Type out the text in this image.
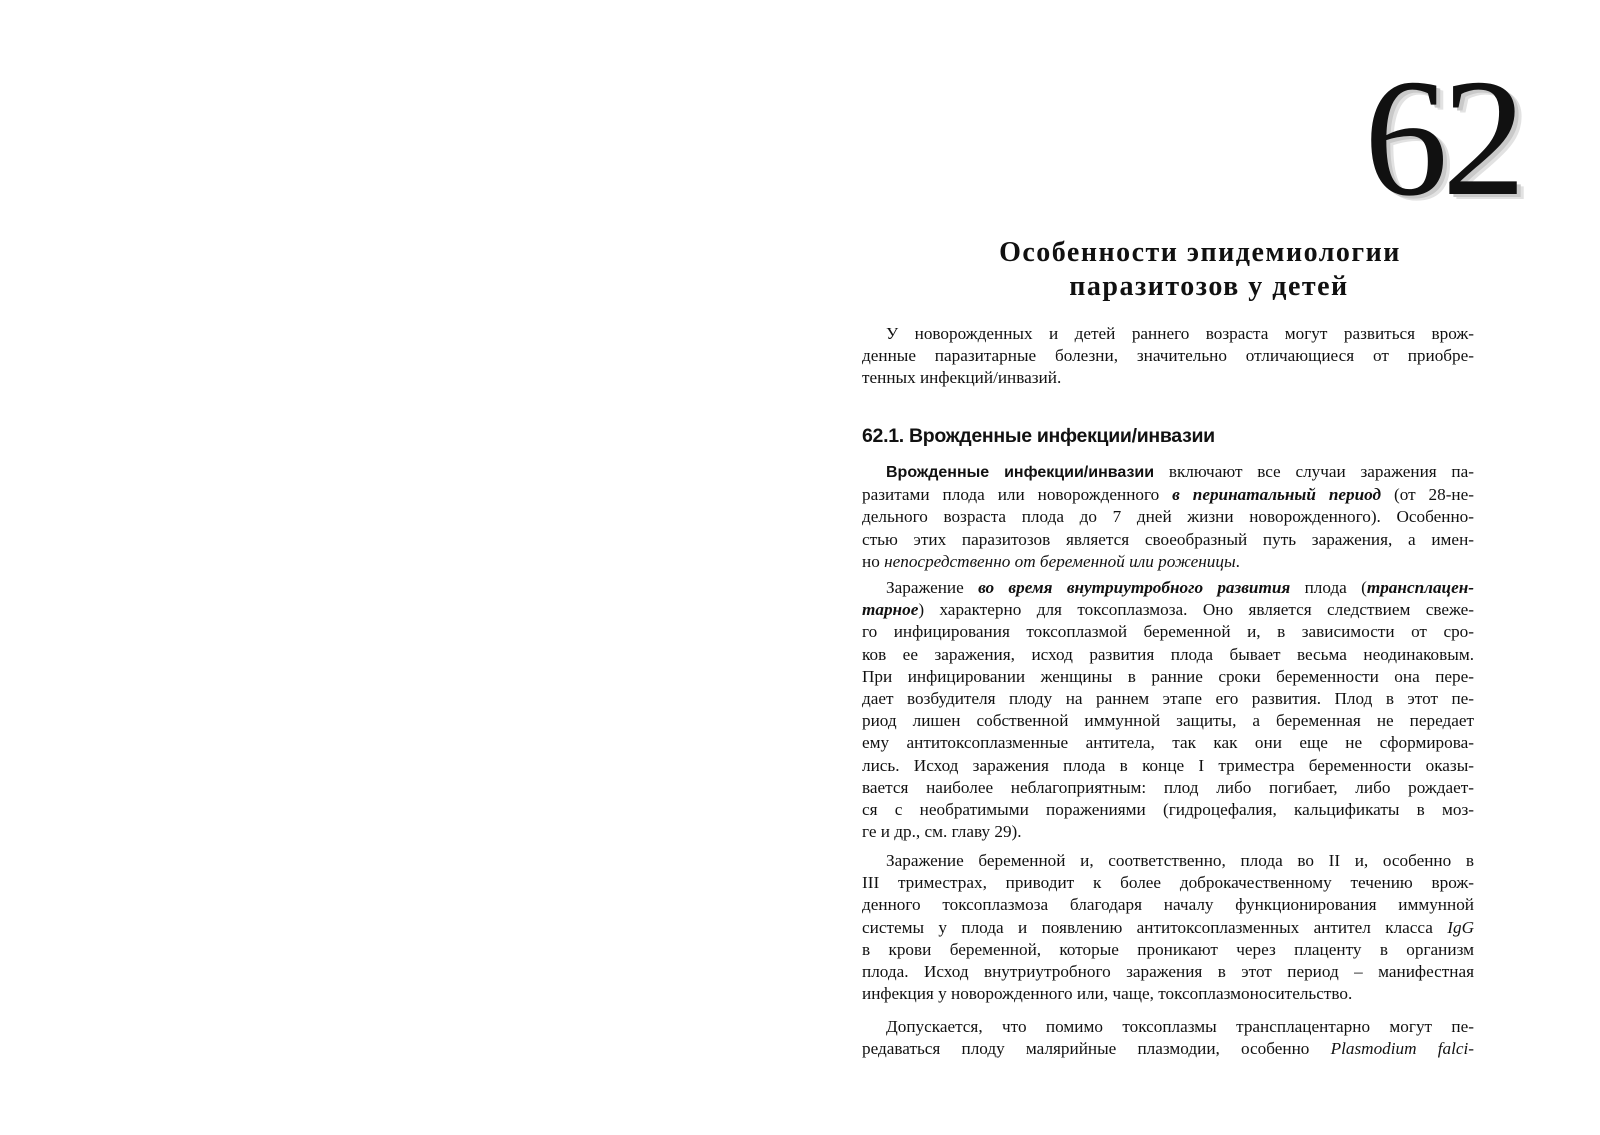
62
Особенности эпидемиологии
паразитозов у детей
У новорожденных и детей раннего возраста могут развиться врож-
денные паразитарные болезни, значительно отличающиеся от приобре-
тенных инфекций/инвазий.
62.1. Врожденные инфекции/инвазии
Врожденные инфекции/инвазии включают все случаи заражения па-
разитами плода или новорожденного в перинатальный период (от 28-не-
дельного возраста плода до 7 дней жизни новорожденного). Особенно-
стью этих паразитозов является своеобразный путь заражения, а имен-
но непосредственно от беременной или роженицы.
Заражение во время внутриутробного развития плода (трансплацен-
тарное) характерно для токсоплазмоза. Оно является следствием свеже-
го инфицирования токсоплазмой беременной и, в зависимости от сро-
ков ее заражения, исход развития плода бывает весьма неодинаковым.
При инфицировании женщины в ранние сроки беременности она пере-
дает возбудителя плоду на раннем этапе его развития. Плод в этот пе-
риод лишен собственной иммунной защиты, а беременная не передает
ему антитоксоплазменные антитела, так как они еще не сформирова-
лись. Исход заражения плода в конце I триместра беременности оказы-
вается наиболее неблагоприятным: плод либо погибает, либо рождает-
ся с необратимыми поражениями (гидроцефалия, кальцификаты в моз-
ге и др., см. главу 29).
Заражение беременной и, соответственно, плода во II и, особенно в
III триместрах, приводит к более доброкачественному течению врож-
денного токсоплазмоза благодаря началу функционирования иммунной
системы у плода и появлению антитоксоплазменных антител класса IgG
в крови беременной, которые проникают через плаценту в организм
плода. Исход внутриутробного заражения в этот период – манифестная
инфекция у новорожденного или, чаще, токсоплазмоносительство.
Допускается, что помимо токсоплазмы трансплацентарно могут пе-
редаваться плоду малярийные плазмодии, особенно Plasmodium falci-
